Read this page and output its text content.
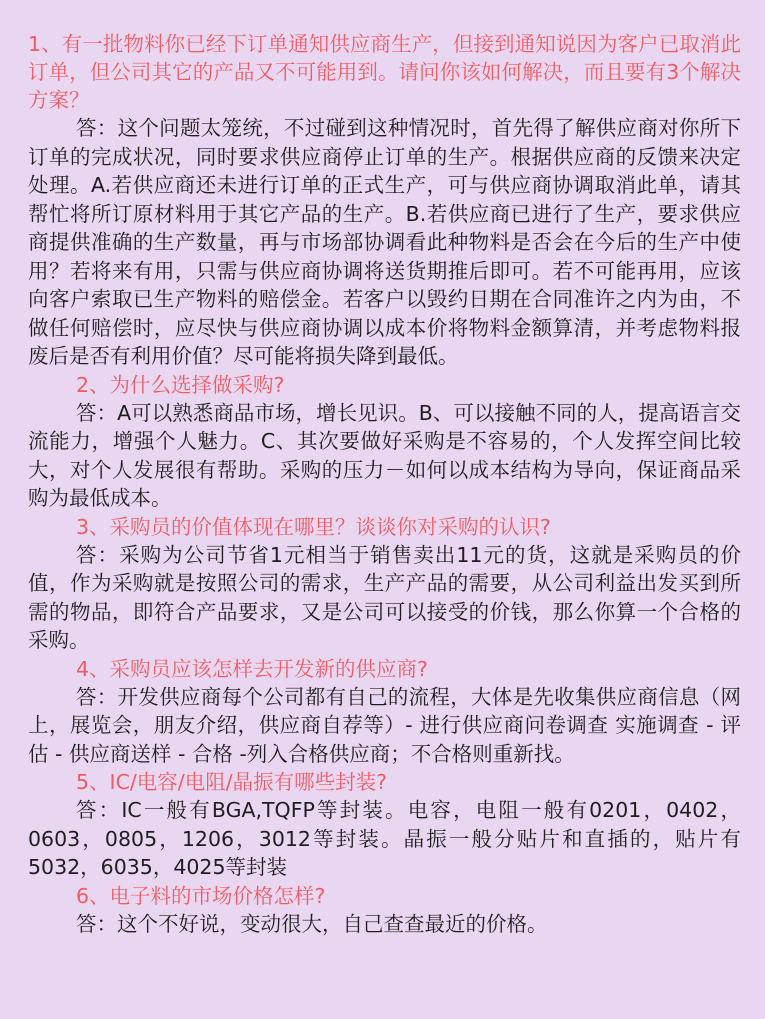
1、有一批物料你已经下订单通知供应商生产，但接到通知说因为客户已取消此订单，但公司其它的产品又不可能用到。请问你该如何解决，而且要有3个解决方案？

答：这个问题太笼统，不过碰到这种情况时，首先得了解供应商对你所下订单的完成状况，同时要求供应商停止订单的生产。根据供应商的反馈来决定处理。A.若供应商还未进行订单的正式生产，可与供应商协调取消此单，请其帮忙将所订原材料用于其它产品的生产。B.若供应商已进行了生产，要求供应商提供准确的生产数量，再与市场部协调看此种物料是否会在今后的生产中使用？若将来有用，只需与供应商协调将送货期推后即可。若不可能再用，应该向客户索取已生产物料的赔偿金。若客户以毁约日期在合同准许之内为由，不做任何赔偿时，应尽快与供应商协调以成本价将物料金额算清，并考虑物料报废后是否有利用价值？尽可能将损失降到最低。

2、为什么选择做采购?

答：A可以熟悉商品市场，增长见识。B、可以接触不同的人，提高语言交流能力，增强个人魅力。C、其次要做好采购是不容易的，个人发挥空间比较大，对个人发展很有帮助。采购的压力－如何以成本结构为导向，保证商品采购为最低成本。

3、采购员的价值体现在哪里？谈谈你对采购的认识?

答：采购为公司节省1元相当于销售卖出11元的货，这就是采购员的价值，作为采购就是按照公司的需求，生产产品的需要，从公司利益出发买到所需的物品，即符合产品要求，又是公司可以接受的价钱，那么你算一个合格的采购。

4、采购员应该怎样去开发新的供应商?

答：开发供应商每个公司都有自己的流程，大体是先收集供应商信息（网上，展览会，朋友介绍，供应商自荐等）- 进行供应商问卷调查 实施调查 - 评估 - 供应商送样 - 合格 -列入合格供应商；不合格则重新找。

5、IC/电容/电阻/晶振有哪些封装?

答：IC一般有BGA,TQFP等封装。电容，电阻一般有0201，0402，0603，0805，1206，3012等封装。晶振一般分贴片和直插的，贴片有5032，6035，4025等封装

6、电子料的市场价格怎样?

答：这个不好说，变动很大，自己查查最近的价格。
